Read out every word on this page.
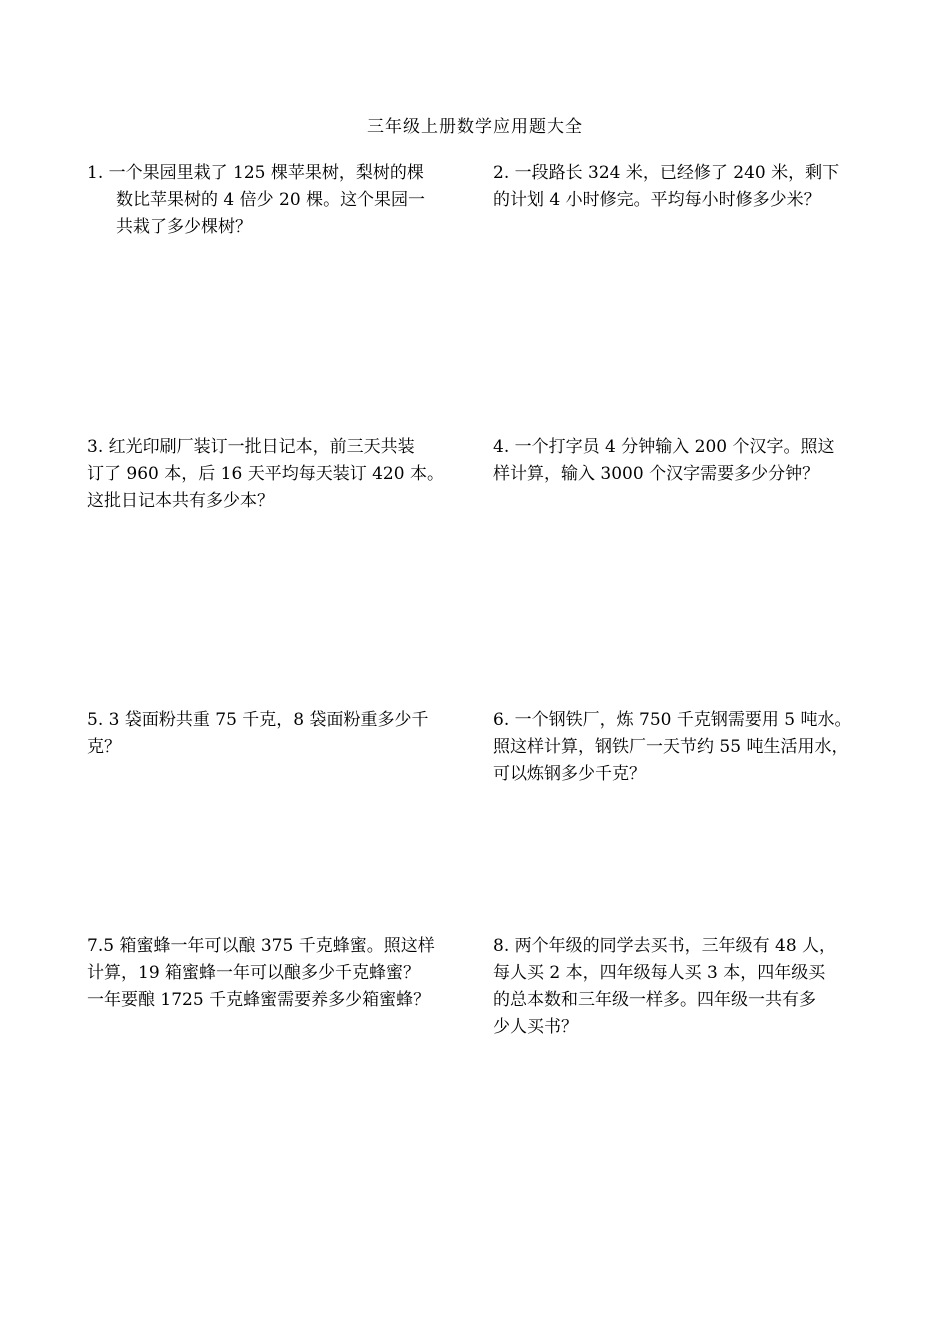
三年级上册数学应用题大全
1. 一个果园里栽了 125 棵苹果树，梨树的棵
数比苹果树的 4 倍少 20 棵。这个果园一
共栽了多少棵树？
2. 一段路长 324 米，已经修了 240 米，剩下
的计划 4 小时修完。平均每小时修多少米？
3. 红光印刷厂装订一批日记本，前三天共装
订了 960 本，后 16 天平均每天装订 420 本。
这批日记本共有多少本？
4. 一个打字员 4 分钟输入 200 个汉字。照这
样计算，输入 3000 个汉字需要多少分钟？
5. 3 袋面粉共重 75 千克，8 袋面粉重多少千
克？
6. 一个钢铁厂，炼 750 千克钢需要用 5 吨水。
照这样计算，钢铁厂一天节约 55 吨生活用水，
可以炼钢多少千克？
7.5 箱蜜蜂一年可以酿 375 千克蜂蜜。照这样
计算，19 箱蜜蜂一年可以酿多少千克蜂蜜？
一年要酿 1725 千克蜂蜜需要养多少箱蜜蜂？
8. 两个年级的同学去买书，三年级有 48 人，
每人买 2 本，四年级每人买 3 本，四年级买
的总本数和三年级一样多。四年级一共有多
少人买书？
